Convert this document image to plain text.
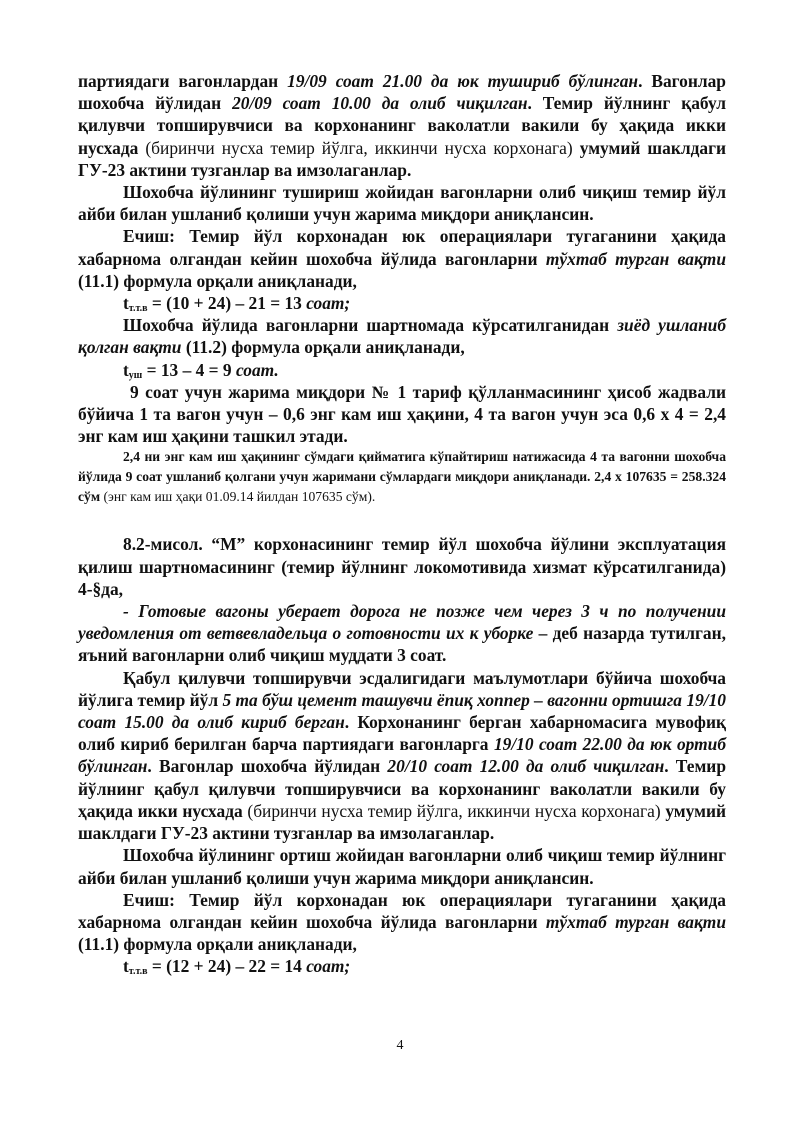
партиядаги вагонлардан 19/09 соат 21.00 да юк тушириб бўлинган. Вагонлар шохобча йўлидан 20/09 соат 10.00 да олиб чиқилган. Темир йўлнинг қабул қилувчи топширувчиси ва корхонанинг ваколатли вакили бу ҳақида икки нусхада (биринчи нусха темир йўлга, иккинчи нусха корхонага) умумий шаклдаги ГУ-23 актини тузганлар ва имзолаганлар.

Шохобча йўлининг тушириш жойидан вагонларни олиб чиқиш темир йўл айби билан ушланиб қолиши учун жарима миқдори аниқлансин.

Ечиш: Темир йўл корхонадан юк операциялари тугаганини ҳақида хабарнома олгандан кейин шохобча йўлида вагонларни тўхтаб турган вақти (11.1) формула орқали аниқланади,

$t_{т.т.в} = (10 + 24) - 21 = 13$ соат;

Шохобча йўлида вагонларни шартномада кўрсатилганидан зиёд ушланиб қолган вақти (11.2) формула орқали аниқланади,

$t_{уш} = 13 - 4 = 9$ соат.

9 соат учун жарима миқдори № 1 тариф қўлланмасининг ҳисоб жадвали бўйича 1 та вагон учун – 0,6 энг кам иш ҳақини, 4 та вагон учун эса 0,6 x 4 = 2,4 энг кам иш ҳақини ташкил этади.

2,4 ни энг кам иш ҳақининг сўмдаги қийматига кўпайтириш натижасида 4 та вагонни шохобча йўлида 9 соат ушланиб қолгани учун жаримани сўмлардаги миқдори аниқланади. 2,4 x 107635 = 258.324 сўм (энг кам иш ҳақи 01.09.14 йилдан 107635 сўм).

8.2-мисол. “M” корхонасининг темир йўл шохобча йўлини эксплуатация қилиш шартномасининг (темир йўлнинг локомотивида хизмат кўрсатилганида) 4-§да,

- Готовые вагоны уберает дорога не позже чем через 3 ч по получении уведомления от ветвевладельца о готовности их к уборке – деб назарда тутилган, яъний вагонларни олиб чиқиш муддати 3 соат.

Қабул қилувчи топширувчи эсдалигидаги маълумотлари бўйича шохобча йўлига темир йўл 5 та бўш цемент ташувчи ёпиқ хоппер – вагонни ортишга 19/10 соат 15.00 да олиб кириб берган. Корхонанинг берган хабарномасига мувофиқ олиб кириб берилган барча партиядаги вагонларга 19/10 соат 22.00 да юк ортиб бўлинган. Вагонлар шохобча йўлидан 20/10 соат 12.00 да олиб чиқилган. Темир йўлнинг қабул қилувчи топширувчиси ва корхонанинг ваколатли вакили бу ҳақида икки нусхада (биринчи нусха темир йўлга, иккинчи нусха корхонага) умумий шаклдаги ГУ-23 актини тузганлар ва имзолаганлар.

Шохобча йўлининг ортиш жойидан вагонларни олиб чиқиш темир йўлнинг айби билан ушланиб қолиши учун жарима миқдори аниқлансин.

Ечиш: Темир йўл корхонадан юк операциялари тугаганини ҳақида хабарнома олгандан кейин шохобча йўлида вагонларни тўхтаб турган вақти (11.1) формула орқали аниқланади,

$t_{т.т.в} = (12 + 24) - 22 = 14$ соат;

4
